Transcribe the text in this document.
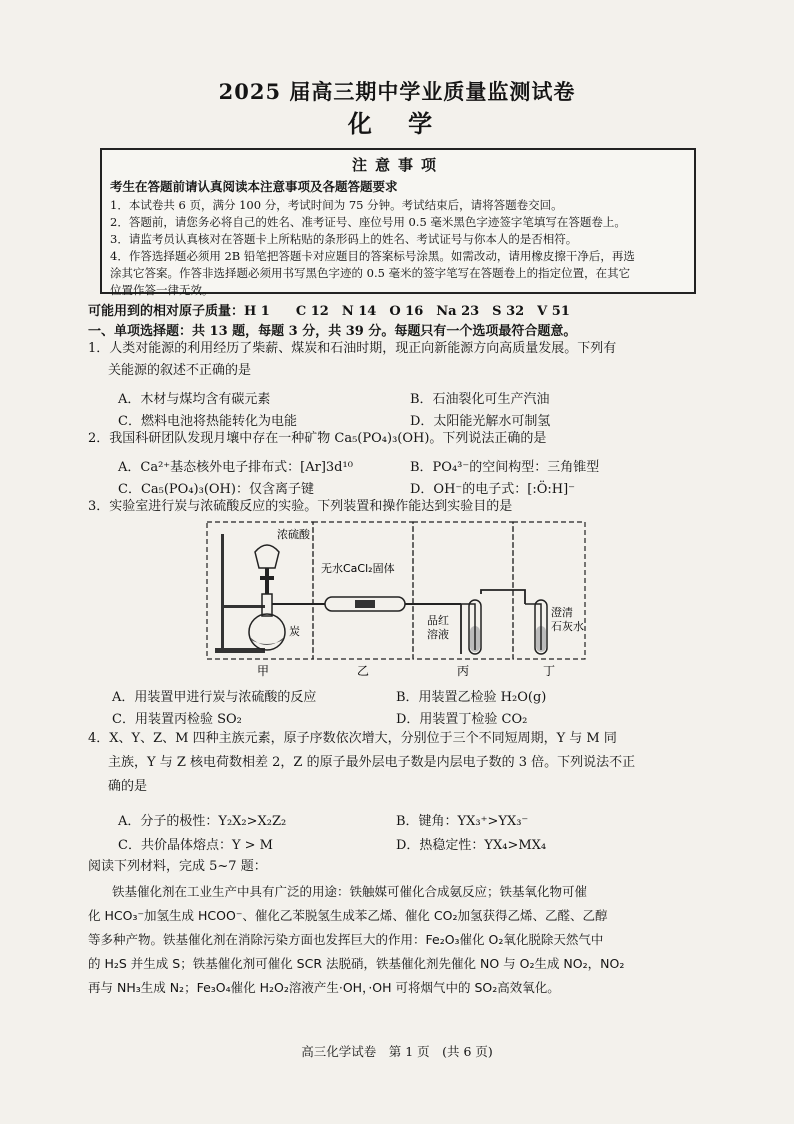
2025 届高三期中学业质量监测试卷
化 学
注意事项
考生在答题前请认真阅读本注意事项及各题答题要求

1．本试卷共 6 页，满分 100 分，考试时间为 75 分钟。考试结束后，请将答题卷交回。

2．答题前，请您务必将自己的姓名、准考证号、座位号用 0.5 毫米黑色字迹签字笔填写在答题卷上。

3．请监考员认真核对在答题卡上所粘贴的条形码上的姓名、考试证号与你本人的是否相符。

4．作答选择题必须用 2B 铅笔把答题卡对应题目的答案标号涂黑。如需改动，请用橡皮擦干净后，再选

涂其它答案。作答非选择题必须用书写黑色字迹的 0.5 毫米的签字笔写在答题卷上的指定位置，在其它

位置作答一律无效。

可能用到的相对原子质量：H 1　　C 12　N 14　O 16　Na 23　S 32　V 51
一、单项选择题：共 13 题，每题 3 分，共 39 分。每题只有一个选项最符合题意。
1．人类对能源的利用经历了柴薪、煤炭和石油时期，现正向新能源方向高质量发展。下列有
关能源的叙述不正确的是
A．木材与煤均含有碳元素	B．石油裂化可生产汽油
C．燃料电池将热能转化为电能	D．太阳能光解水可制氢
2．我国科研团队发现月壤中存在一种矿物 Ca₅(PO₄)₃(OH)。下列说法正确的是
A．Ca²⁺基态核外电子排布式：[Ar]3d¹⁰	B．PO₄³⁻的空间构型：三角锥型
C．Ca₅(PO₄)₃(OH)：仅含离子键	D．OH⁻的电子式：[:Ö:H]⁻
3．实验室进行炭与浓硫酸反应的实验。下列装置和操作能达到实验目的是
浓硫酸
炭
无水CaCl₂固体
品红
溶液
澄清
石灰水
甲	乙	丙	丁
A．用装置甲进行炭与浓硫酸的反应	B．用装置乙检验 H₂O(g)
C．用装置丙检验 SO₂	D．用装置丁检验 CO₂
4．X、Y、Z、M 四种主族元素，原子序数依次增大，分别位于三个不同短周期，Y 与 M 同
主族，Y 与 Z 核电荷数相差 2，Z 的原子最外层电子数是内层电子数的 3 倍。下列说法不正
确的是
A．分子的极性：Y₂X₂>X₂Z₂	B．键角：YX₃⁺>YX₃⁻
C．共价晶体熔点：Y > M	D．热稳定性：YX₄>MX₄
阅读下列材料，完成 5~7 题：
铁基催化剂在工业生产中具有广泛的用途：铁触媒可催化合成氨反应；铁基氧化物可催
化 HCO₃⁻加氢生成 HCOO⁻、催化乙苯脱氢生成苯乙烯、催化 CO₂加氢获得乙烯、乙醛、乙醇
等多种产物。铁基催化剂在消除污染方面也发挥巨大的作用：Fe₂O₃催化 O₂氧化脱除天然气中
的 H₂S 并生成 S；铁基催化剂可催化 SCR 法脱硝，铁基催化剂先催化 NO 与 O₂生成 NO₂，NO₂
再与 NH₃生成 N₂；Fe₃O₄催化 H₂O₂溶液产生·OH，·OH 可将烟气中的 SO₂高效氧化。
高三化学试卷　第 1 页　(共 6 页)
